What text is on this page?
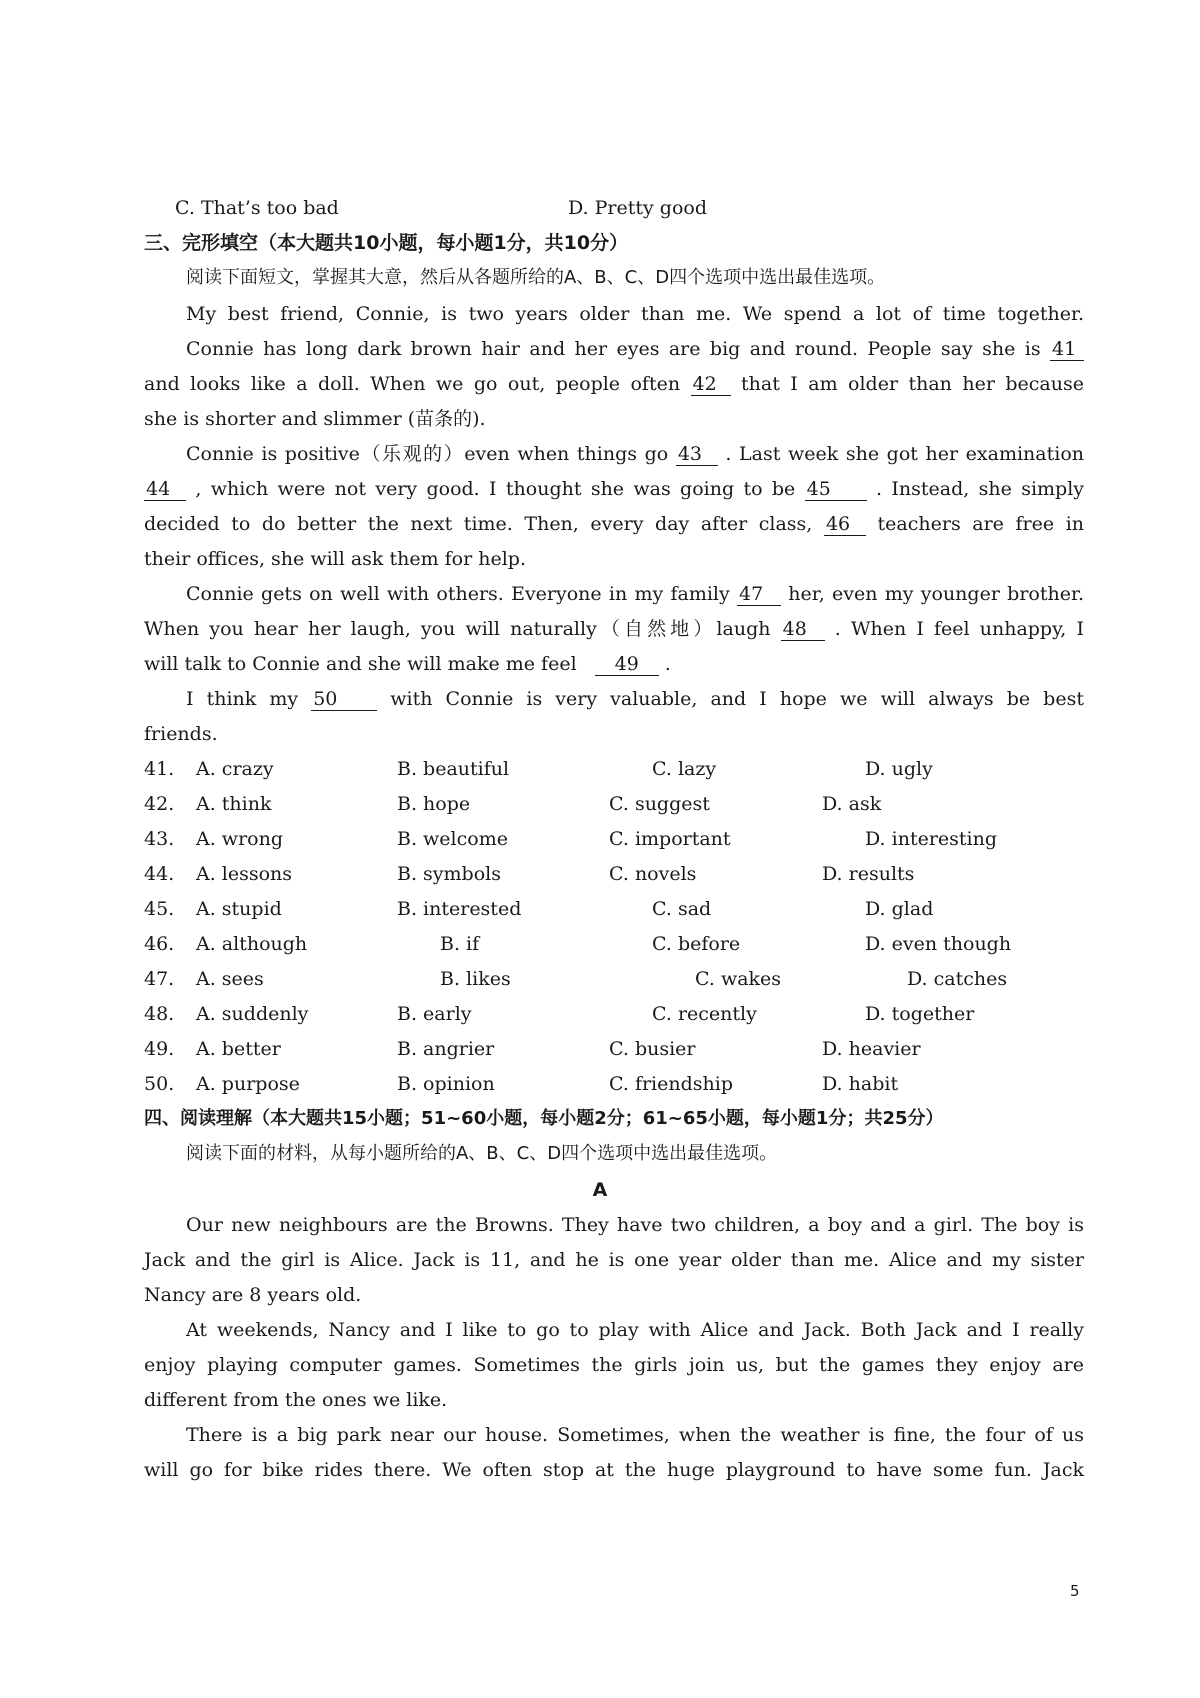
C. That’s too bad	D. Pretty good
三、完形填空（本大题共10小题，每小题1分，共10分）
阅读下面短文，掌握其大意，然后从各题所给的A、B、C、D四个选项中选出最佳选项。
My best friend, Connie, is two years older than me. We spend a lot of time together.
Connie has long dark brown hair and her eyes are big and round. People say she is 41
and looks like a doll. When we go out, people often 42 that I am older than her because
she is shorter and slimmer (苗条的).
Connie is positive（乐观的）even when things go 43 . Last week she got her examination
44 , which were not very good. I thought she was going to be 45 . Instead, she simply
decided to do better the next time. Then, every day after class, 46 teachers are free in
their offices, she will ask them for help.
Connie gets on well with others. Everyone in my family 47 her, even my younger brother.
When you hear her laugh, you will naturally（自然地）laugh 48 . When I feel unhappy, I
will talk to Connie and she will make me feel 49 .
I think my 50	with Connie is very valuable, and I hope we will always be best
friends.
41. A. crazy	B. beautiful	C. lazy	D. ugly
42. A. think	B. hope	C. suggest	D. ask
43. A. wrong	B. welcome	C. important	D. interesting
44. A. lessons	B. symbols	C. novels	D. results
45. A. stupid	B. interested	C. sad	D. glad
46. A. although	B. if	C. before	D. even though
47. A. sees	B. likes	C. wakes	D. catches
48. A. suddenly	B. early	C. recently	D. together
49. A. better	B. angrier	C. busier	D. heavier
50. A. purpose	B. opinion	C. friendship	D. habit
四、阅读理解（本大题共15小题；51~60小题，每小题2分；61~65小题，每小题1分；共25分）
阅读下面的材料，从每小题所给的A、B、C、D四个选项中选出最佳选项。
A
Our new neighbours are the Browns. They have two children, a boy and a girl. The boy is
Jack and the girl is Alice. Jack is 11, and he is one year older than me. Alice and my sister
Nancy are 8 years old.
At weekends, Nancy and I like to go to play with Alice and Jack. Both Jack and I really
enjoy playing computer games. Sometimes the girls join us, but the games they enjoy are
different from the ones we like.
There is a big park near our house. Sometimes, when the weather is fine, the four of us
will go for bike rides there. We often stop at the huge playground to have some fun. Jack
5
